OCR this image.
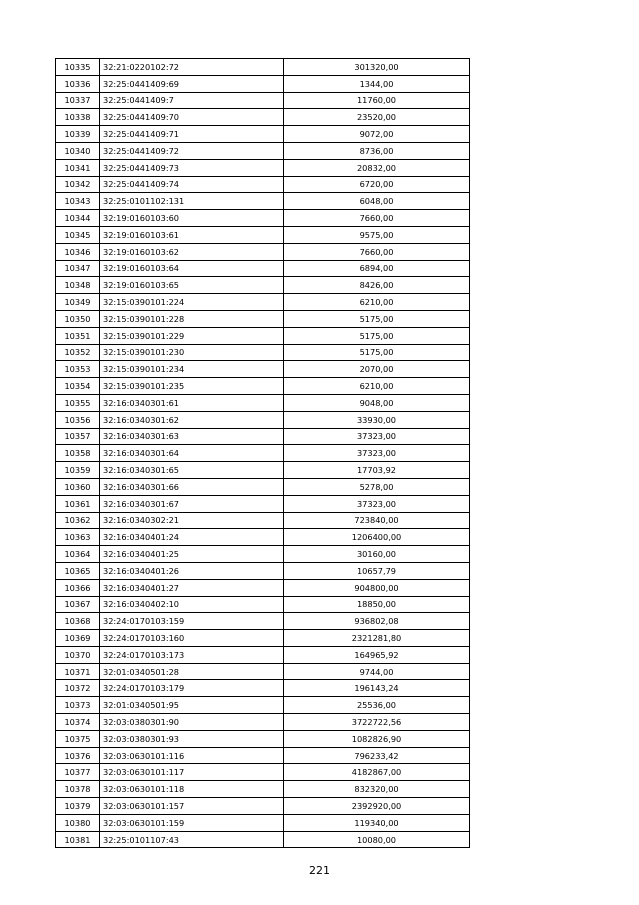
10335	32:21:0220102:72	301320,00
10336	32:25:0441409:69	1344,00
10337	32:25:0441409:7	11760,00
10338	32:25:0441409:70	23520,00
10339	32:25:0441409:71	9072,00
10340	32:25:0441409:72	8736,00
10341	32:25:0441409:73	20832,00
10342	32:25:0441409:74	6720,00
10343	32:25:0101102:131	6048,00
10344	32:19:0160103:60	7660,00
10345	32:19:0160103:61	9575,00
10346	32:19:0160103:62	7660,00
10347	32:19:0160103:64	6894,00
10348	32:19:0160103:65	8426,00
10349	32:15:0390101:224	6210,00
10350	32:15:0390101:228	5175,00
10351	32:15:0390101:229	5175,00
10352	32:15:0390101:230	5175,00
10353	32:15:0390101:234	2070,00
10354	32:15:0390101:235	6210,00
10355	32:16:0340301:61	9048,00
10356	32:16:0340301:62	33930,00
10357	32:16:0340301:63	37323,00
10358	32:16:0340301:64	37323,00
10359	32:16:0340301:65	17703,92
10360	32:16:0340301:66	5278,00
10361	32:16:0340301:67	37323,00
10362	32:16:0340302:21	723840,00
10363	32:16:0340401:24	1206400,00
10364	32:16:0340401:25	30160,00
10365	32:16:0340401:26	10657,79
10366	32:16:0340401:27	904800,00
10367	32:16:0340402:10	18850,00
10368	32:24:0170103:159	936802,08
10369	32:24:0170103:160	2321281,80
10370	32:24:0170103:173	164965,92
10371	32:01:0340501:28	9744,00
10372	32:24:0170103:179	196143,24
10373	32:01:0340501:95	25536,00
10374	32:03:0380301:90	3722722,56
10375	32:03:0380301:93	1082826,90
10376	32:03:0630101:116	796233,42
10377	32:03:0630101:117	4182867,00
10378	32:03:0630101:118	832320,00
10379	32:03:0630101:157	2392920,00
10380	32:03:0630101:159	119340,00
10381	32:25:0101107:43	10080,00
221
